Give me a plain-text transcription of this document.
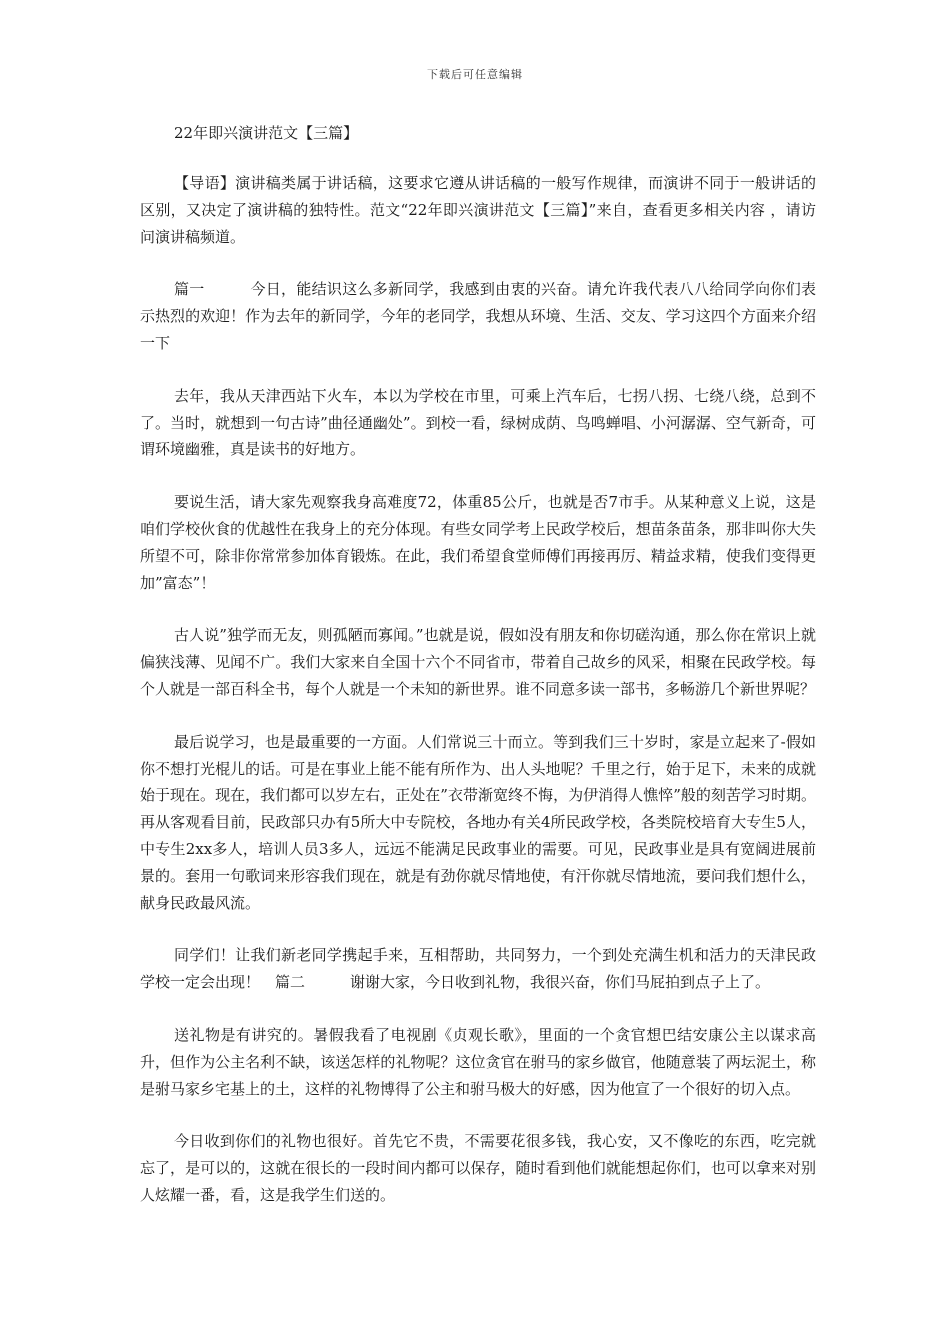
下载后可任意编辑

22年即兴演讲范文【三篇】

【导语】演讲稿类属于讲话稿，这要求它遵从讲话稿的一般写作规律，而演讲不同于一般讲话的区别，又决定了演讲稿的独特性。范文“22年即兴演讲范文【三篇】”来自，查看更多相关内容 ，请访问演讲稿频道。

篇一　　　今日，能结识这么多新同学，我感到由衷的兴奋。请允许我代表八八给同学向你们表示热烈的欢迎！作为去年的新同学，今年的老同学，我想从环境、生活、交友、学习这四个方面来介绍一下

去年，我从天津西站下火车，本以为学校在市里，可乘上汽车后，七拐八拐、七绕八绕，总到不了。当时，就想到一句古诗”曲径通幽处”。到校一看，绿树成荫、鸟鸣蝉唱、小河潺潺、空气新奇，可谓环境幽雅，真是读书的好地方。

要说生活，请大家先观察我身高难度72，体重85公斤，也就是否7市手。从某种意义上说，这是咱们学校伙食的优越性在我身上的充分体现。有些女同学考上民政学校后，想苗条苗条，那非叫你大失所望不可，除非你常常参加体育锻炼。在此，我们希望食堂师傅们再接再厉、精益求精，使我们变得更加”富态”！

古人说”独学而无友，则孤陋而寡闻。”也就是说，假如没有朋友和你切磋沟通，那么你在常识上就偏狭浅薄、见闻不广。我们大家来自全国十六个不同省市，带着自己故乡的风采，相聚在民政学校。每个人就是一部百科全书，每个人就是一个未知的新世界。谁不同意多读一部书，多畅游几个新世界呢？

最后说学习，也是最重要的一方面。人们常说三十而立。等到我们三十岁时，家是立起来了-假如你不想打光棍儿的话。可是在事业上能不能有所作为、出人头地呢？千里之行，始于足下，未来的成就始于现在。现在，我们都可以岁左右，正处在”衣带渐宽终不悔，为伊消得人憔悴”般的刻苦学习时期。再从客观看目前，民政部只办有5所大中专院校，各地办有关4所民政学校，各类院校培育大专生5人，中专生2xx多人，培训人员3多人，远远不能满足民政事业的需要。可见，民政事业是具有宽阔进展前景的。套用一句歌词来形容我们现在，就是有劲你就尽情地使，有汗你就尽情地流，要问我们想什么，献身民政最风流。

同学们！让我们新老同学携起手来，互相帮助，共同努力，一个到处充满生机和活力的天津民政学校一定会出现！　篇二　　　谢谢大家，今日收到礼物，我很兴奋，你们马屁拍到点子上了。

送礼物是有讲究的。暑假我看了电视剧《贞观长歌》，里面的一个贪官想巴结安康公主以谋求高升，但作为公主名利不缺，该送怎样的礼物呢？这位贪官在驸马的家乡做官，他随意装了两坛泥土，称是驸马家乡宅基上的土，这样的礼物博得了公主和驸马极大的好感，因为他宣了一个很好的切入点。

今日收到你们的礼物也很好。首先它不贵，不需要花很多钱，我心安，又不像吃的东西，吃完就忘了，是可以的，这就在很长的一段时间内都可以保存，随时看到他们就能想起你们，也可以拿来对别人炫耀一番，看，这是我学生们送的。
